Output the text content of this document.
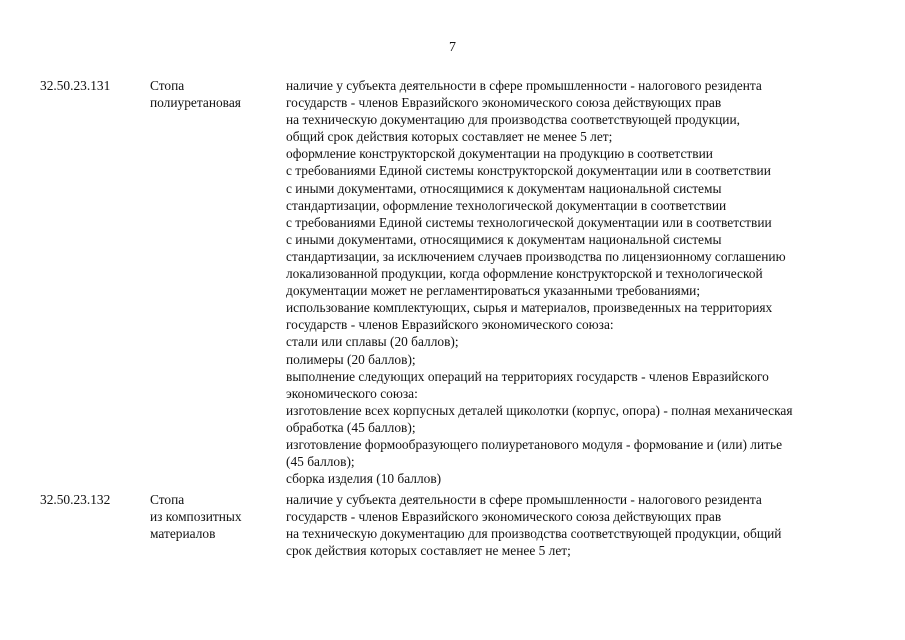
7
32.50.23.131	Стопа
полиуретановая
наличие у субъекта деятельности в сфере промышленности - налогового резидента
государств - членов Евразийского экономического союза действующих прав
на техническую документацию для производства соответствующей продукции,
общий срок действия которых составляет не менее 5 лет;
оформление конструкторской документации на продукцию в соответствии
с требованиями Единой системы конструкторской документации или в соответствии
с иными документами, относящимися к документам национальной системы
стандартизации, оформление технологической документации в соответствии
с требованиями Единой системы технологической документации или в соответствии
с иными документами, относящимися к документам национальной системы
стандартизации, за исключением случаев производства по лицензионному соглашению
локализованной продукции, когда оформление конструкторской и технологической
документации может не регламентироваться указанными требованиями;
использование комплектующих, сырья и материалов, произведенных на территориях
государств - членов Евразийского экономического союза:
стали или сплавы (20 баллов);
полимеры (20 баллов);
выполнение следующих операций на территориях государств - членов Евразийского
экономического союза:
изготовление всех корпусных деталей щиколотки (корпус, опора) - полная механическая
обработка (45 баллов);
изготовление формообразующего полиуретанового модуля - формование и (или) литье
(45 баллов);
сборка изделия (10 баллов)
32.50.23.132	Стопа
из композитных
материалов
наличие у субъекта деятельности в сфере промышленности - налогового резидента
государств - членов Евразийского экономического союза действующих прав
на техническую документацию для производства соответствующей продукции, общий
срок действия которых составляет не менее 5 лет;
